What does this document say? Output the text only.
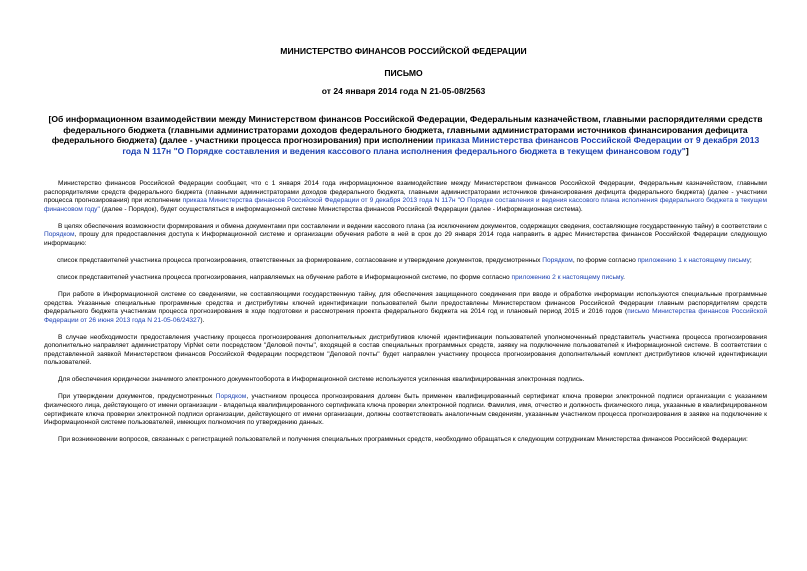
МИНИСТЕРСТВО ФИНАНСОВ РОССИЙСКОЙ ФЕДЕРАЦИИ
ПИСЬМО
от 24 января 2014 года N 21-05-08/2563
[Об информационном взаимодействии между Министерством финансов Российской Федерации, Федеральным казначейством, главными распорядителями средств федерального бюджета (главными администраторами доходов федерального бюджета, главными администраторами источников финансирования дефицита федерального бюджета) (далее - участники процесса прогнозирования) при исполнении приказа Министерства финансов Российской Федерации от 9 декабря 2013 года N 117н "О Порядке составления и ведения кассового плана исполнения федерального бюджета в текущем финансовом году"]

Министерство финансов Российской Федерации сообщает, что с 1 января 2014 года информационное взаимодействие между Министерством финансов Российской Федерации, Федеральным казначейством, главными распорядителями средств федерального бюджета (главными администраторами доходов федерального бюджета, главными администраторами источников финансирования дефицита федерального бюджета) (далее - участники процесса прогнозирования) при исполнении приказа Министерства финансов Российской Федерации от 9 декабря 2013 года N 117н "О Порядке составления и ведения кассового плана исполнения федерального бюджета в текущем финансовом году" (далее - Порядок), будет осуществляться в информационной системе Министерства финансов Российской Федерации (далее - Информационная система).

В целях обеспечения возможности формирования и обмена документами при составлении и ведении кассового плана (за исключением документов, содержащих сведения, составляющие государственную тайну) в соответствии с Порядком, прошу для предоставления доступа к Информационной системе и организации обучения работе в ней в срок до 29 января 2014 года направить в адрес Министерства финансов Российской Федерации следующую информацию:

список представителей участника процесса прогнозирования, ответственных за формирование, согласование и утверждение документов, предусмотренных Порядком, по форме согласно приложению 1 к настоящему письму;

список представителей участника процесса прогнозирования, направляемых на обучение работе в Информационной системе, по форме согласно приложению 2 к настоящему письму.

При работе в Информационной системе со сведениями, не составляющими государственную тайну, для обеспечения защищенного соединения при вводе и обработке информации используются специальные программные средства. Указанные специальные программные средства и дистрибутивы ключей идентификации пользователей были предоставлены Министерством финансов Российской Федерации главным распорядителям средств федерального бюджета участникам процесса прогнозирования в ходе подготовки и рассмотрения проекта федерального бюджета на 2014 год и плановый период 2015 и 2016 годов (письмо Министерства финансов Российской Федерации от 26 июня 2013 года N 21-05-06/24327).

В случае необходимости предоставления участнику процесса прогнозирования дополнительных дистрибутивов ключей идентификации пользователей уполномоченный представитель участника процесса прогнозирования дополнительно направляет администратору VipNet сети посредством "Деловой почты", входящей в состав специальных программных средств, заявку на подключение пользователей к Информационной системе. В соответствии с представленной заявкой Министерством финансов Российской Федерации посредством "Деловой почты" будет направлен участнику процесса прогнозирования дополнительный комплект дистрибутивов ключей идентификации пользователей.

Для обеспечения юридически значимого электронного документооборота в Информационной системе используется усиленная квалифицированная электронная подпись.

При утверждении документов, предусмотренных Порядком, участником процесса прогнозирования должен быть применен квалифицированный сертификат ключа проверки электронной подписи организации с указанием физического лица, действующего от имени организации - владельца квалифицированного сертификата ключа проверки электронной подписи. Фамилия, имя, отчество и должность физического лица, указанные в квалифицированном сертификате ключа проверки электронной подписи организации, действующего от имени организации, должны соответствовать аналогичным сведениям, указанным участником процесса прогнозирования в заявке на подключение к Информационной системе пользователей, имеющих полномочия по утверждению данных.

При возникновении вопросов, связанных с регистрацией пользователей и получения специальных программных средств, необходимо обращаться к следующим сотрудникам Министерства финансов Российской Федерации:
